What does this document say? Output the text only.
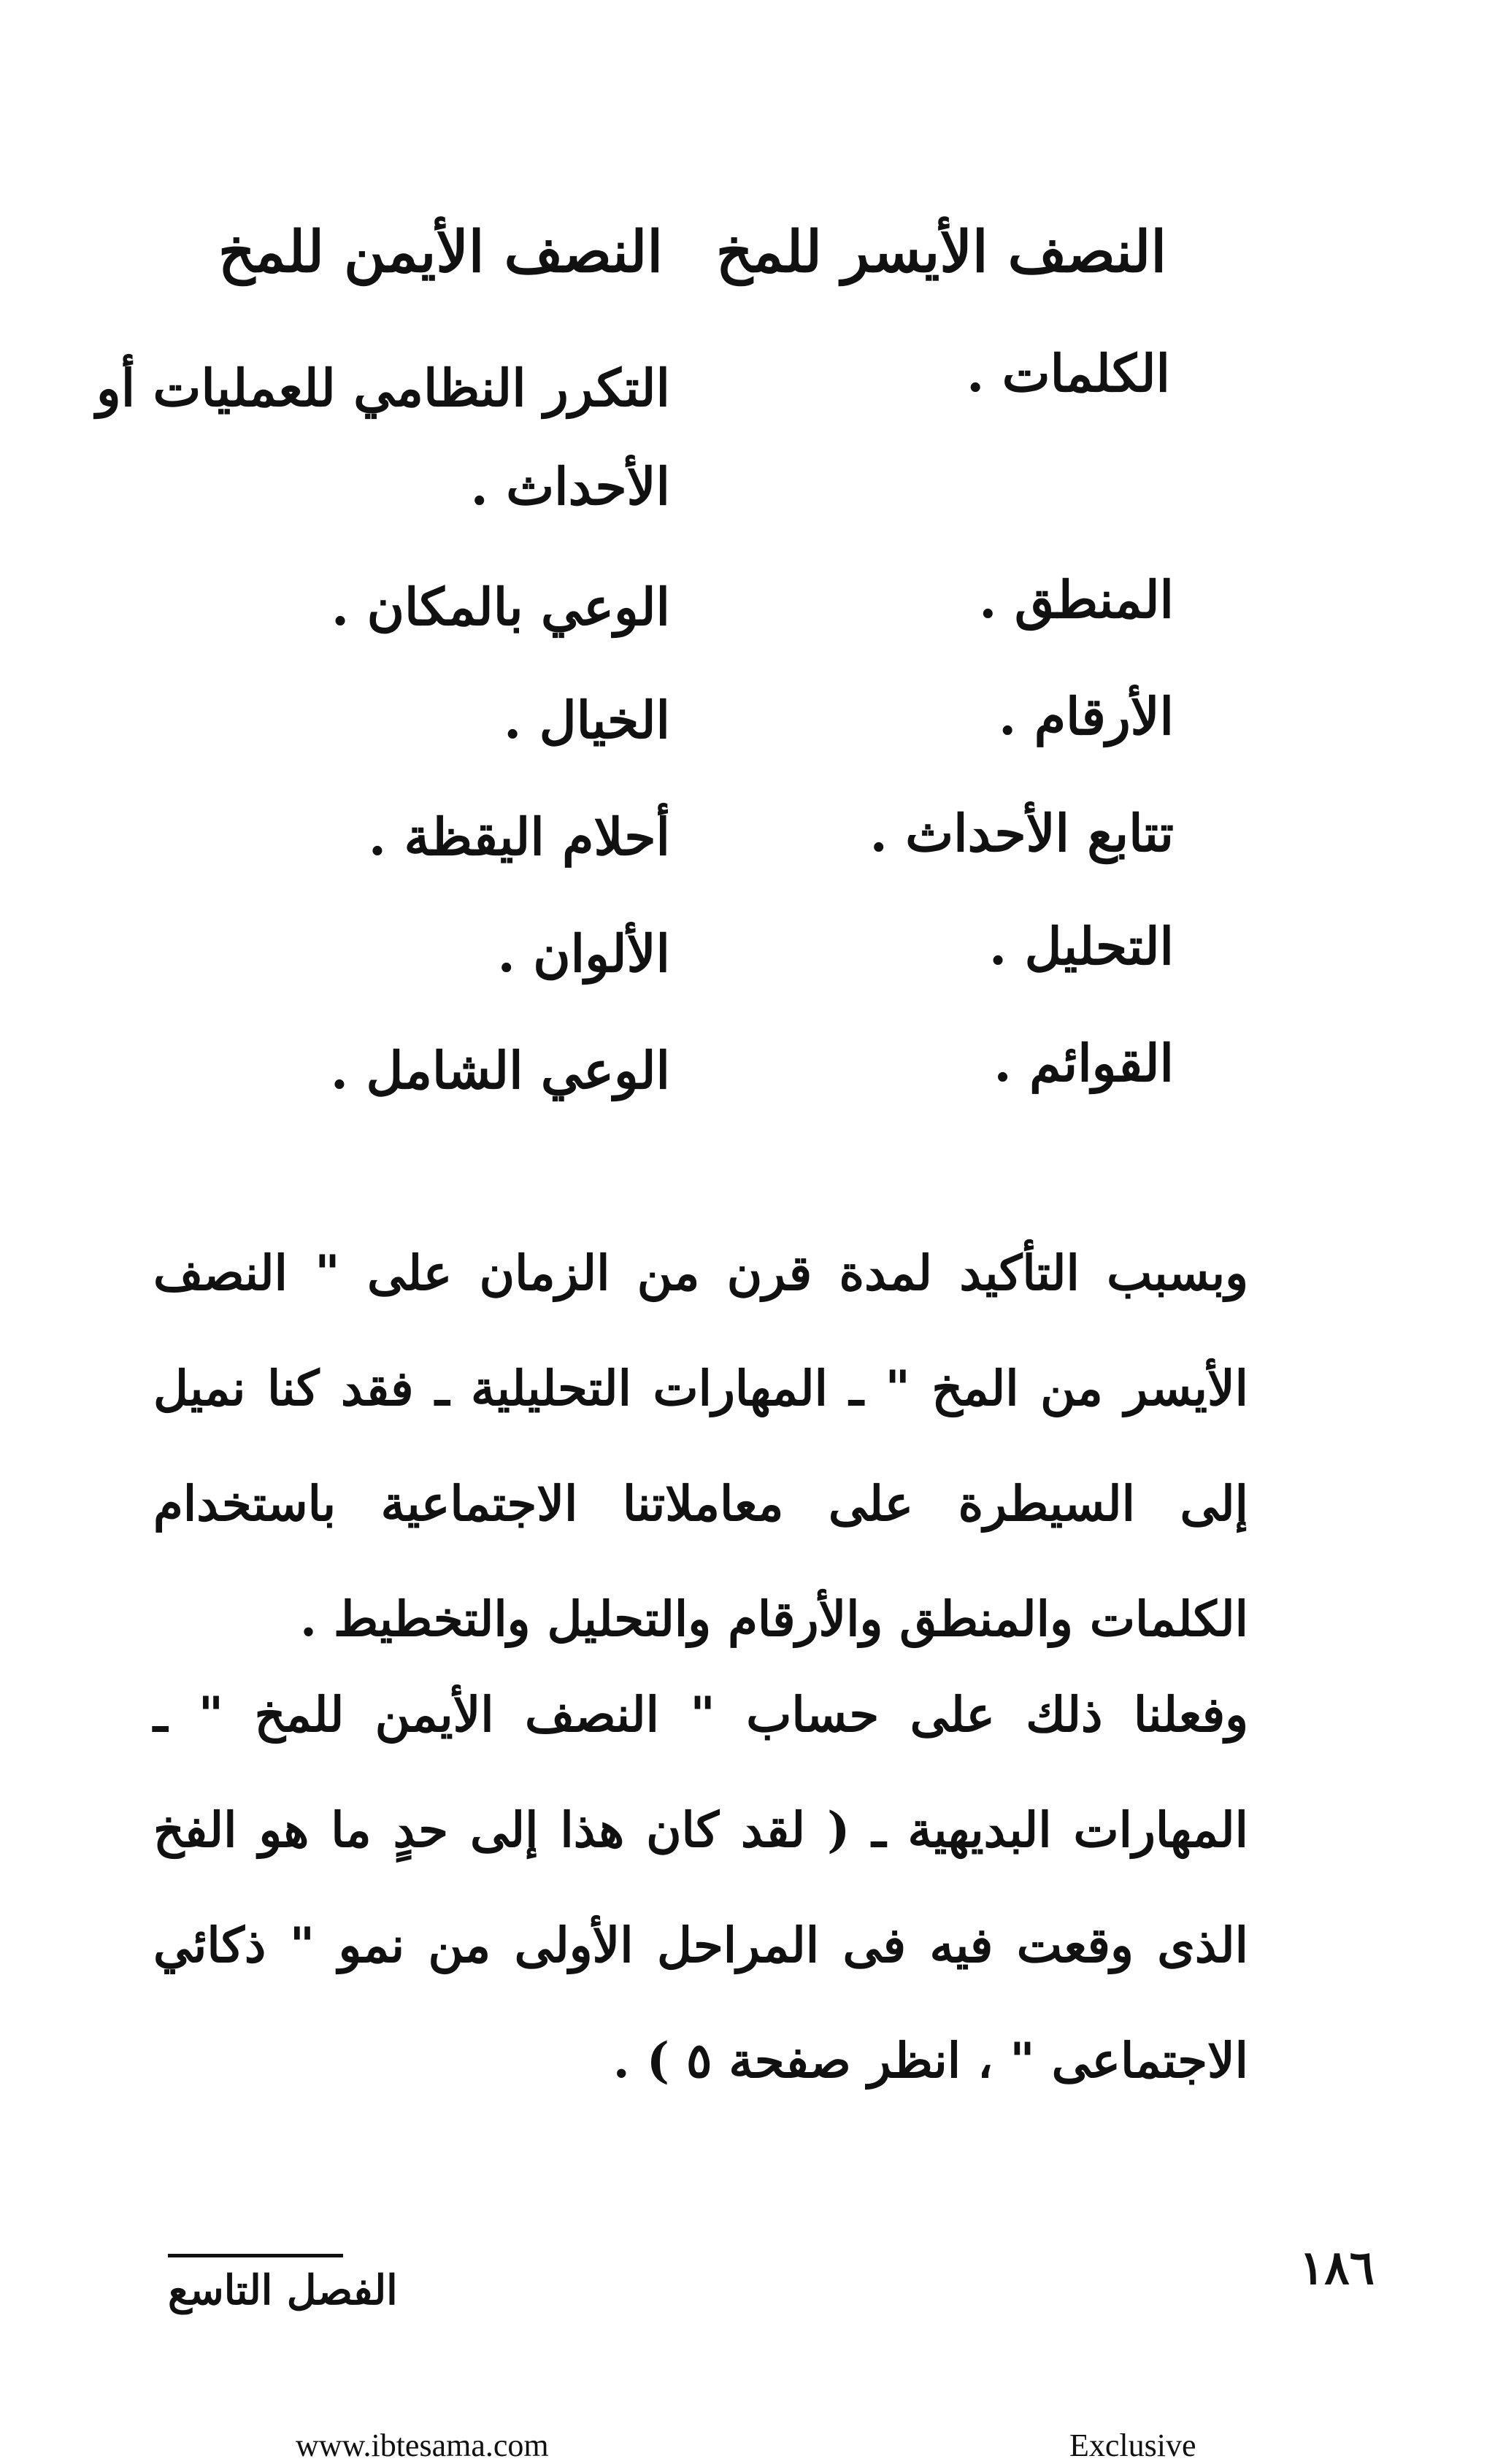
النصف الأيسر للمخ
النصف الأيمن للمخ
الكلمات .
التكرر النظامي للعمليات أو
الأحداث .
المنطق .
الوعي بالمكان .
الأرقام .
الخيال .
تتابع الأحداث .
أحلام اليقظة .
التحليل .
الألوان .
القوائم .
الوعي الشامل .

وبسبب التأكيد لمدة قرن من الزمان على " النصف الأيسر من المخ " ـ المهارات التحليلية ـ فقد كنا نميل إلى السيطرة على معاملاتنا الاجتماعية باستخدام الكلمات والمنطق والأرقام والتحليل والتخطيط .

وفعلنا ذلك على حساب " النصف الأيمن للمخ " ـ المهارات البديهية ـ ( لقد كان هذا إلى حدٍ ما هو الفخ الذى وقعت فيه فى المراحل الأولى من نمو " ذكائي الاجتماعى " ، انظر صفحة ٥ ) .

١٨٦
الفصل التاسع
www.ibtesama.com	Exclusive
